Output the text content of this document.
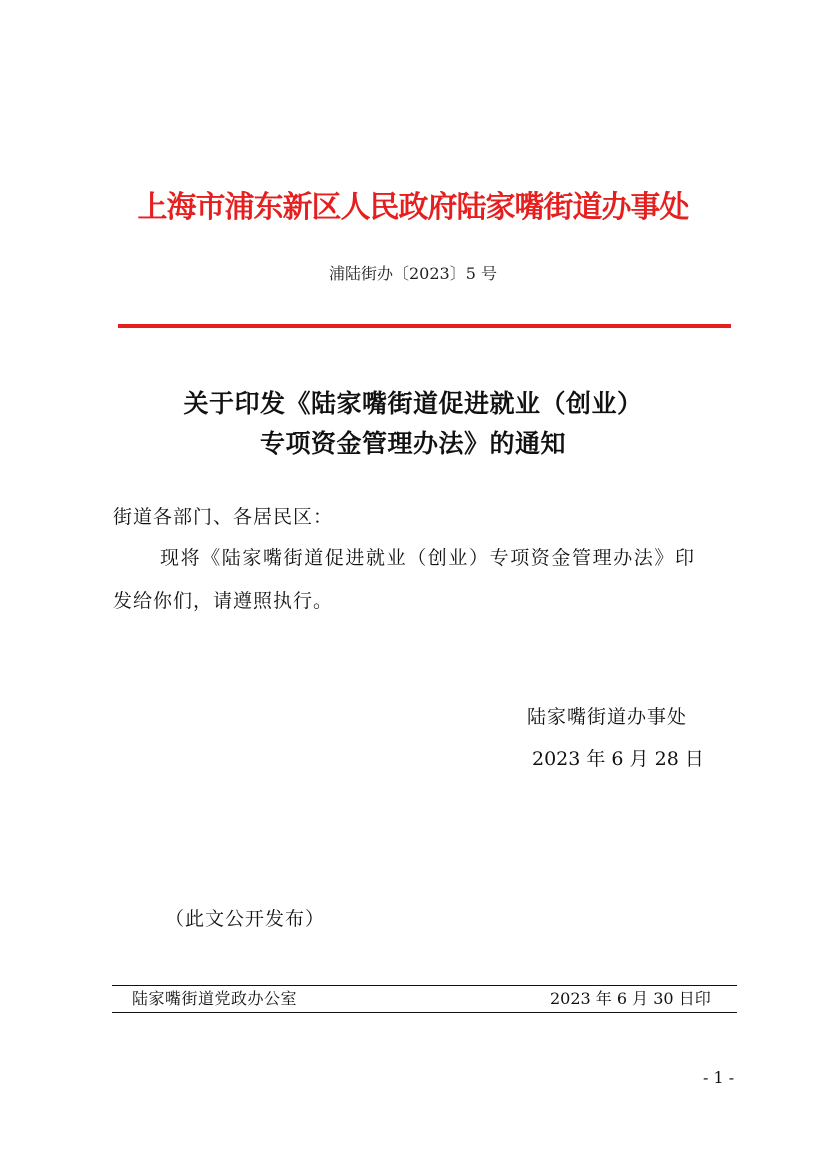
上海市浦东新区人民政府陆家嘴街道办事处
浦陆街办〔2023〕5 号
关于印发《陆家嘴街道促进就业（创业）
专项资金管理办法》的通知
街道各部门、各居民区：
现将《陆家嘴街道促进就业（创业）专项资金管理办法》印
发给你们，请遵照执行。
陆家嘴街道办事处
2023 年 6 月 28 日
（此文公开发布）
陆家嘴街道党政办公室	2023 年 6 月 30 日印
- 1 -
